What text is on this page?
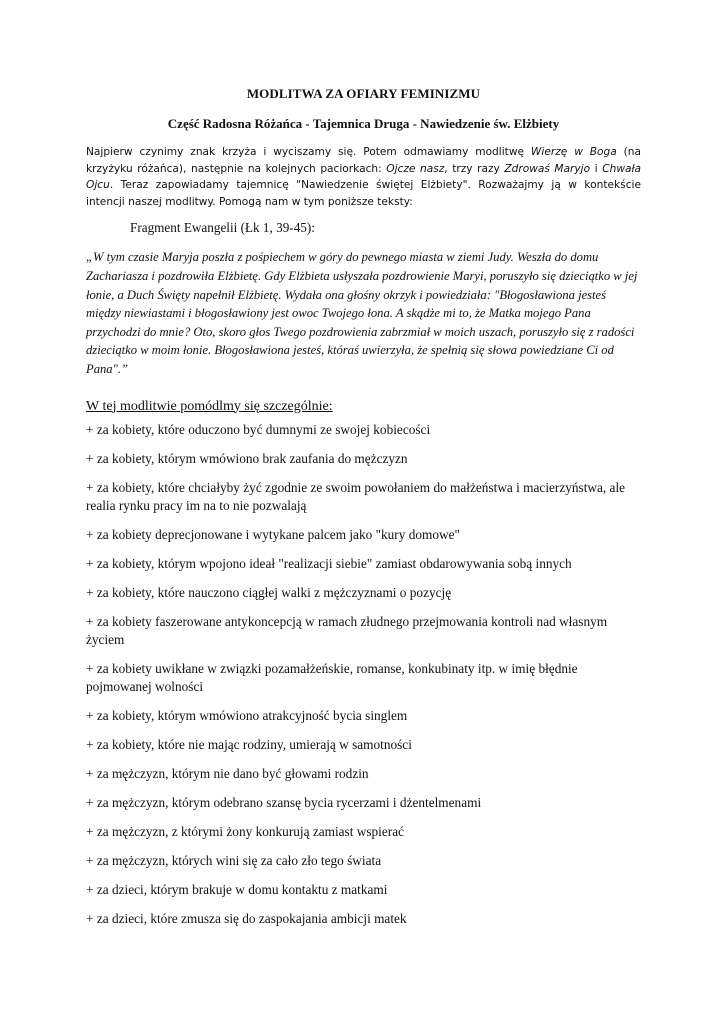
MODLITWA ZA OFIARY FEMINIZMU
Część Radosna Różańca - Tajemnica Druga - Nawiedzenie św. Elżbiety

Najpierw czynimy znak krzyża i wyciszamy się. Potem odmawiamy modlitwę Wierzę w Boga (na krzyżyku różańca), następnie na kolejnych paciorkach: Ojcze nasz, trzy razy Zdrowaś Maryjo i Chwała Ojcu. Teraz zapowiadamy tajemnicę "Nawiedzenie świętej Elżbiety". Rozważajmy ją w kontekście intencji naszej modlitwy. Pomogą nam w tym poniższe teksty:

Fragment Ewangelii (Łk 1, 39-45):

„W tym czasie Maryja poszła z pośpiechem w góry do pewnego miasta w ziemi Judy. Weszła do domu Zachariasza i pozdrowiła Elżbietę. Gdy Elżbieta usłyszała pozdrowienie Maryi, poruszyło się dzieciątko w jej łonie, a Duch Święty napełnił Elżbietę. Wydała ona głośny okrzyk i powiedziała: "Błogosławiona jesteś między niewiastami i błogosławiony jest owoc Twojego łona. A skądże mi to, że Matka mojego Pana przychodzi do mnie? Oto, skoro głos Twego pozdrowienia zabrzmiał w moich uszach, poruszyło się z radości dzieciątko w moim łonie. Błogosławiona jesteś, któraś uwierzyła, że spełnią się słowa powiedziane Ci od Pana".”

W tej modlitwie pomódlmy się szczególnie:

+ za kobiety, które oduczono być dumnymi ze swojej kobiecości
+ za kobiety, którym wmówiono brak zaufania do mężczyzn
+ za kobiety, które chciałyby żyć zgodnie ze swoim powołaniem do małżeństwa i macierzyństwa, ale realia rynku pracy im na to nie pozwalają
+ za kobiety deprecjonowane i wytykane palcem jako "kury domowe"
+ za kobiety, którym wpojono ideał "realizacji siebie" zamiast obdarowywania sobą innych
+ za kobiety, które nauczono ciągłej walki z mężczyznami o pozycję
+ za kobiety faszerowane antykoncepcją w ramach złudnego przejmowania kontroli nad własnym życiem
+ za kobiety uwikłane w związki pozamałżeńskie, romanse, konkubinaty itp. w imię błędnie pojmowanej wolności
+ za kobiety, którym wmówiono atrakcyjność bycia singlem
+ za kobiety, które nie mając rodziny, umierają w samotności
+ za mężczyzn, którym nie dano być głowami rodzin
+ za mężczyzn, którym odebrano szansę bycia rycerzami i dżentelmenami
+ za mężczyzn, z którymi żony konkurują zamiast wspierać
+ za mężczyzn, których wini się za cało zło tego świata
+ za dzieci, którym brakuje w domu kontaktu z matkami
+ za dzieci, które zmusza się do zaspokajania ambicji matek
